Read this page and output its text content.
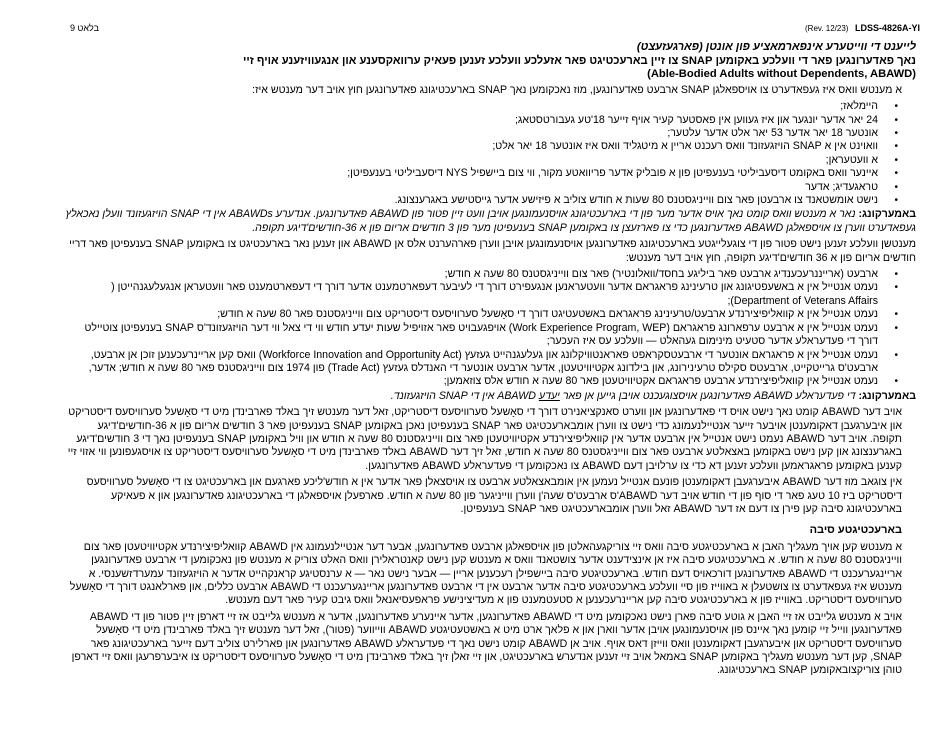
(Rev. 12/23) LDSS-4826A-YI
בלאט 9
לייענט די ווייטערע אינפארמאציע פון אונטן (פארגעזעצט)
נאך פאדערונגען פאר די וועלכע באקומען SNAP צו זיין בארעכטיגט פאר אזעלכע וועלכע זענען פעאיק ערוואקסענע און אנגעוויזענע אויף זיי
(Able-Bodied Adults without Dependents, ABAWD)

א מענטש וואס איז געפאדערט צו אויספאלגן SNAP ארבעט פאדערונגען, מוז נאכקומען נאך SNAP בארעכטיגונג פאדערונגען חוץ אויב דער מענטש איז:

• היימלאז;
• 24 יאר אדער יונגער און איז געווען אין פאסטער קעיר אויף זייער 18'טע געבורטסטאג;
• אונטער 18 יאר אדער 53 יאר אלט אדער עלטער;
• וואוינט אין א SNAP הויזגעזונד וואס רעכנט אריין א מיטגליד וואס איז אונטער 18 יאר אלט;
• א וועטעראן;
• איינער וואס באקומט דיסעביליטי בענעפיטן פון א פובליק אדער פריוואטע מקור, ווי צום ביישפיל NYS דיסעביליטי בענעפיטן;
• טראגעדיג; אדער
• נישט אומשטאנד צו ארבעטן פאר צום ווייניגסטנס 80 שעות א חודש צוליב א פיזישע אדער גייסטישע באגרענצונג.

באמערקונג: נאר א מענטש וואס קומט נאך אויס אדער מער פון די בארעכטיגונג אויסנעמונגען אויבן וועט זיין פטור פון ABAWD פאדערונגען. אנדערע ABAWDs אין די SNAP הויזגעזונד וועלן נאכאלץ געפאדערט ווערן צו אויספאלגן ABAWD פאדערונגען כדי צו פארזעצן צו באקומען SNAP בענעפיטן מער פון 3 חודשים אריום פון א 36-חודשים'דיגע תקופה.

מענטשן וועלכע זענען נישט פטור פון די צוגעלייגטע בארעכטיגונג פאדערונגען אויסנעמונגען אויבן ווערן פארהערנט אלס אן ABAWD און זענען נאר בארעכטיגט צו באקומען SNAP בענעפיטן פאר דריי חודשים אריום פון א 36 חודשים'דיגע תקופה, חוץ אויב דער מענטש:

• ארבעט (ארייננרעכענדיג ארבעט פאר ביליגע בחסד/וואלונטיר) פאר צום ווייניגסטנס 80 שעה א חודש;
• נעמט אנטייל אין א באשעפטיגונג און טרעינינג פראגראם אדער וועטעראנען אנגעפירט דורך די לעיבער דעפארטמענט אדער דורך די דעפארטמענט פאר וועטעראן אנגעלעגנהייטן ( Department of Veterans Affairs);
• נעמט אנטייל אין א קוואליפיצירנדע ארבעט/טרעינינג פראגראם באשטעטיגט דורך די סאָשעל סערוויסעס דיסטריקט צום ווייניגסטנס פאר 80 שעה א חודש;
• נעמט אנטייל אין א ארבעט ערפארונג פראגראם (Work Experience Program, WEP) אויפגעבויט פאר אזויפיל שעות יעדע חודש ווי די צאל ווי דער הויזגעזונד'ס SNAP בענעפיטן צוטיילט דורך די פעדעראלע אדער סטעיט מינימום געהאלט — וועלכע עס איז העכער;
• נעמט אנטייל אין א פראגראם אונטער די ארבעטסקראפט פאראנטוויקלונג און געלעגנהייט געזעץ (Workforce Innovation and Opportunity Act) וואס קען אריינרעכענען זוכן אן ארבעט, ארבעט'ס גרייטקייט, ארבעטס סקילס טרעינירונג, און בילדונג אקטיוויטעטן, אדער ארבעט אונטער די האנדלס געזעץ (Trade Act) פון 1974 צום ווייניגסטנס פאר 80 שעה א חודש; אדער,
• נעמט אנטייל אין קוואליפיצירנדע ארבעט פראגראם אקטיוויטעטן פאר 80 שעה א חודש אלס צוזאמען;

באמערקונג: די פעדעראלע ABAWD פאדערונגען אויסצוגעכנט אויבן גייען אן פאר יעדע ABAWD אין די SNAP הויזגעזונד.

אויב דער ABAWD קומט נאך נישט אויס די פאדערונגען און ווערט סאנקציאנירט דורך די סאָשעל סערוויסעס דיסטריקט, זאל דער מענטש זיך באלד פארבינדן מיט די סאָשעל סערוויסעס דיסטריקט און איבערגעבן דאקומענטן אויבער זייער אנטיילנעמונג כדי נישט צו ווערן אומבארעכטיגט פאר SNAP בענעפיטן נאכן באקומען SNAP בענעפיטן פאר 3 חודשים אריום פון א 36-חודשים'דיגע תקופה. אויב דער ABAWD נעמט נישט אנטייל אין ארבעט אדער אין קוואליפיצירנדע אקטיוויטעטן פאר צום ווייניגסטנס 80 שעה א חודש און וויל באקומען SNAP בענעפיטן נאך די 3 חודשים'דיגע באגרענצונג און קען נישט באקומען באצאלטע ארבעט פאר צום ווייניגסטנס 80 שעה א חודש, זאל זיך דער ABAWD באלד פארבינדן מיט די סאָשעל סערוויסעס דיסטריקט צו אויסגעפונען ווי אזוי זיי קענען באקומען פראגראמען וועלכע זענען דא כדי צו ערלויבן דעם ABAWD צו נאכקומען די פעדעראלע ABAWD פאדערונגען.

אין צוגאב מוז דער ABAWD איבערגעבן דאקומענטן פונעם אנטייל נעמען אין אומבאצאלטע ארבעט צו אויסצאלן פאר אדער אין א חודש'ליכע פארגעם און בארעכטיגט צו די סאָשעל סערוויסעס דיסטריקט ביז 10 טעג פאר די סוף פון די חודש אויב דער ABAWD'ס ארבעט'ס שעה'ן ווערן ווייניגער פון 80 שעה א חודש. פארפעלן אויספאלגן די בארעכטיגונג פאדערונגען און א פעאיקע בארעכטיגונג סיבה קען פירן צו דעם אז דער ABAWD זאל ווערן אומבארעכטיגט פאר SNAP בענעפיטן.

בארעכטיגטע סיבה

א מענטש קען אויך מעגליך האבן א בארעכטיגטע סיבה וואס זיי צוריקגעהאלטן פון אויספאלגן ארבעט פאדערונגען, אבער דער אנטיילנעמונג אין ABAWD קוואליפיצירנדע אקטיוויטעטן פאר צום ווייניגסטנס 80 שעה א חודש. א בארעכטיגטע סיבה איז אן אינצידענט אדער צושטאנד וואס א מענטש קען נישט קאנטראלירן וואס האלט צוריק א מענטש פון נאכקומען די ארבעט פאדערונגען אריינגערעכנט די ABAWD פאדערונגען דורכאויס דעם חודש. בארעכטיגטע סיבה ביישפילן רעכענען אריין — אבער נישט נאר — א ערנסטיגע קראנקהייט אדער א הויזגעזונד עמערדזשענסי. א מענטש איז געפאדערט צו צושטעלן א באווייז פון סיי וועלכע בארעכטיגטע סיבה אדער ארבעט אין די ארבעט פאדערונגען אריינגערעכנט די ABAWD ארבעט כללים, און פארלאנגט דורך די סאָשעל סערוויסעס דיסטריקט. באווייז פון א בארעכטיגטע סיבה קען אריינרעכענען א סטעטמענט פון א מעדיצינישע פראפעסיאנאל וואס גיבט קעיר פאר דעם מענטש.

אויב א מענטש גלייבט אז זיי האבן א גוטע סיבה פארן נישט נאכקומען מיט די ABAWD פאדערונגען, אדער איינערע פאדערונגען, אדער א מענטש גלייבט אז זיי דארפן זיין פטור פון די ABAWD פאדערונגען ווייל זיי קומען נאך איינס פון אויסנעמונגען אויבן אדער ווארן און א פלאך ארט מיט א באשטעטיגטע ABAWD ווייווער (פטור), זאל דער מענטש זיך באלד פארבינדן מיט די סאָשעל סערוויסעס דיסטריקט און איבערגעבן דאקומענטן וואס ווייזן דאס אויף. אויב אן ABAWD קומט נישט נאך די פעדעראלע ABAWD פאדערונגען און פארלירט צוליב דעם זייער בארעכטיגונג פאר SNAP, קען דער מענטש מעגליך באקומען SNAP באמאל אויב זיי זענען אנדערש בארעכטיגט, און זיי זאלן זיך באלד פארבינדן מיט די סאָשעל סערוויסעס דיסטריקט צו איבערפרעגן וואס זיי דארפן טוהן צוריקצובאקומען SNAP בארעכטיגונג.
